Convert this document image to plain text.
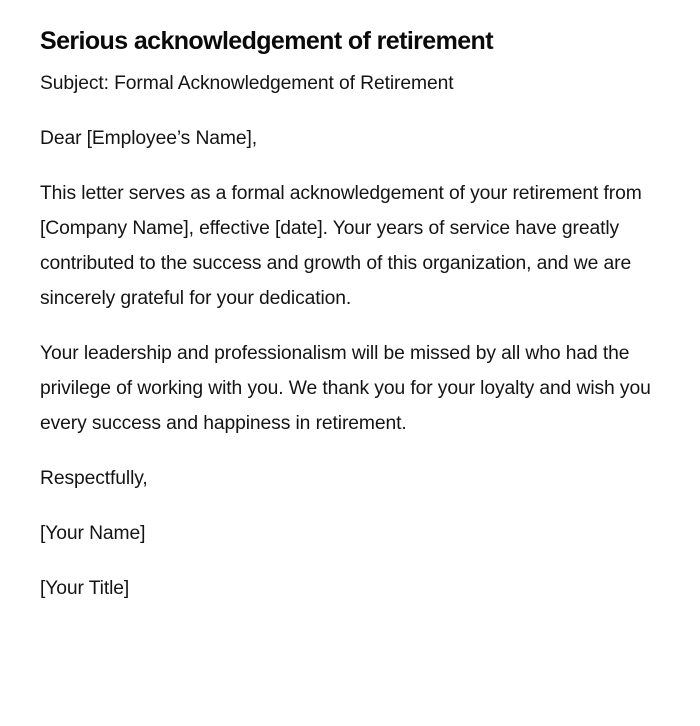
Serious acknowledgement of retirement

Subject: Formal Acknowledgement of Retirement

Dear [Employee’s Name],

This letter serves as a formal acknowledgement of your retirement from [Company Name], effective [date]. Your years of service have greatly contributed to the success and growth of this organization, and we are sincerely grateful for your dedication.

Your leadership and professionalism will be missed by all who had the privilege of working with you. We thank you for your loyalty and wish you every success and happiness in retirement.

Respectfully,

[Your Name]

[Your Title]
